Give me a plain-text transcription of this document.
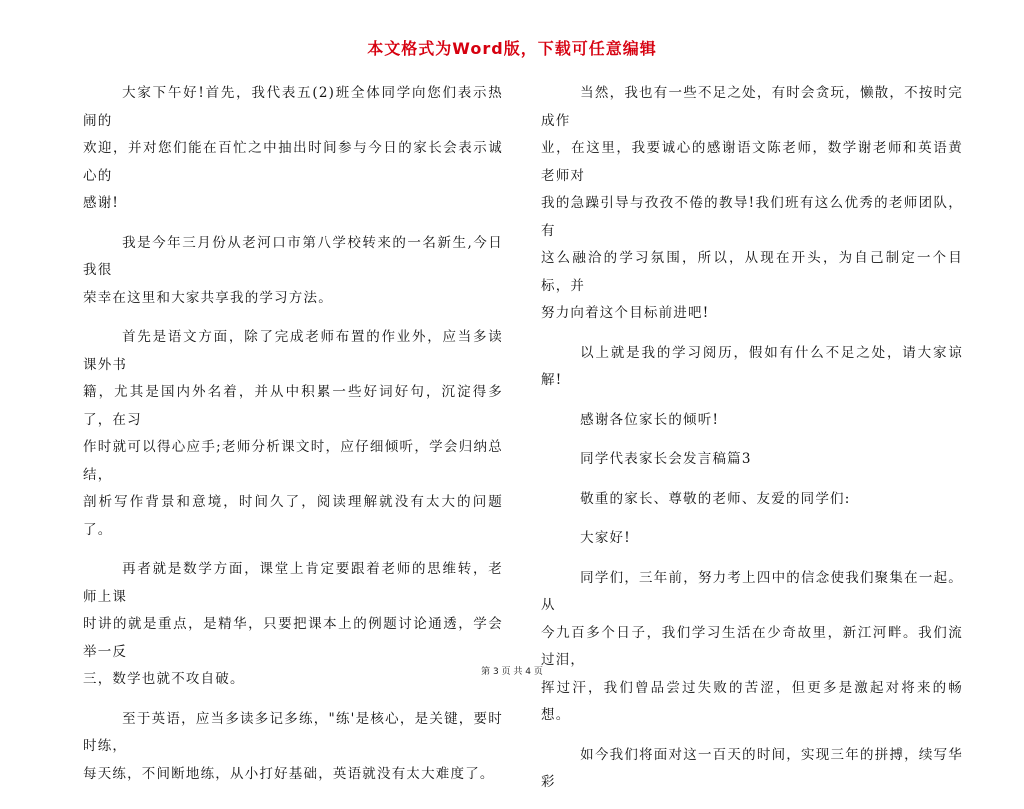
本文格式为Word版，下载可任意编辑

大家下午好!首先，我代表五(2)班全体同学向您们表示热闹的
欢迎，并对您们能在百忙之中抽出时间参与今日的家长会表示诚心的
感谢!

我是今年三月份从老河口市第八学校转来的一名新生,今日我很
荣幸在这里和大家共享我的学习方法。

首先是语文方面，除了完成老师布置的作业外，应当多读课外书
籍，尤其是国内外名着，并从中积累一些好词好句，沉淀得多了，在习
作时就可以得心应手;老师分析课文时，应仔细倾听，学会归纳总结，
剖析写作背景和意境，时间久了，阅读理解就没有太大的问题了。

再者就是数学方面，课堂上肯定要跟着老师的思维转，老师上课
时讲的就是重点，是精华，只要把课本上的例题讨论通透，学会举一反
三，数学也就不攻自破。

至于英语，应当多读多记多练，"练'是核心，是关键，要时时练，
每天练，不间断地练，从小打好基础，英语就没有太大难度了。

当然，我也有一些不足之处，有时会贪玩，懒散，不按时完成作
业，在这里，我要诚心的感谢语文陈老师，数学谢老师和英语黄老师对
我的急躁引导与孜孜不倦的教导!我们班有这么优秀的老师团队，有
这么融洽的学习氛围，所以，从现在开头，为自己制定一个目标，并
努力向着这个目标前进吧!

以上就是我的学习阅历，假如有什么不足之处，请大家谅解!

感谢各位家长的倾听!

同学代表家长会发言稿篇3

敬重的家长、尊敬的老师、友爱的同学们:

大家好!

同学们，三年前，努力考上四中的信念使我们聚集在一起。从
今九百多个日子，我们学习生活在少奇故里，新江河畔。我们流过泪，
挥过汗，我们曾品尝过失败的苦涩，但更多是激起对将来的畅想。

如今我们将面对这一百天的时间，实现三年的拼搏，续写华彩

第 3 页 共 4 页
